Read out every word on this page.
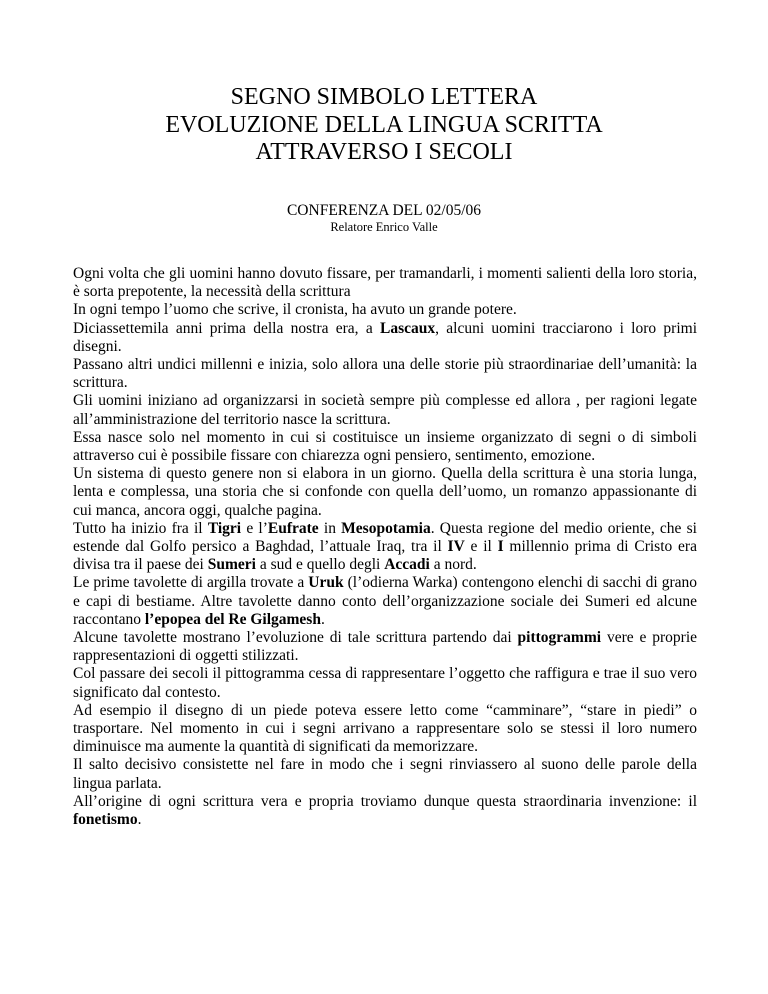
SEGNO SIMBOLO LETTERA
EVOLUZIONE DELLA LINGUA SCRITTA
ATTRAVERSO I SECOLI
CONFERENZA DEL 02/05/06
Relatore Enrico Valle

Ogni volta che gli uomini hanno dovuto fissare, per tramandarli, i momenti salienti della loro storia, è sorta prepotente, la necessità della scrittura

In ogni tempo l’uomo che scrive, il cronista, ha avuto un grande potere.

Diciassettemila anni prima della nostra era, a Lascaux, alcuni uomini tracciarono i loro primi disegni.

Passano altri undici millenni e inizia, solo allora una delle storie più straordinariae dell’umanità: la scrittura.

Gli uomini iniziano ad organizzarsi in società sempre più complesse ed allora , per ragioni legate all’amministrazione del territorio nasce la scrittura.

Essa nasce solo nel momento in cui si costituisce un insieme organizzato di segni o di simboli attraverso cui è possibile fissare con chiarezza ogni pensiero, sentimento, emozione.

Un sistema di questo genere non si elabora in un giorno. Quella della scrittura è una storia lunga, lenta e complessa, una storia che si confonde con quella dell’uomo, un romanzo appassionante di cui manca, ancora oggi, qualche pagina.

Tutto ha inizio fra il Tigri e l’Eufrate in Mesopotamia. Questa regione del medio oriente, che si estende dal Golfo persico a Baghdad, l’attuale Iraq, tra il IV e il I millennio prima di Cristo era divisa tra il paese dei Sumeri a sud e quello degli Accadi a nord.

Le prime tavolette di argilla trovate a Uruk (l’odierna Warka) contengono elenchi di sacchi di grano e capi di bestiame. Altre tavolette danno conto dell’organizzazione sociale dei Sumeri ed alcune raccontano l’epopea del Re Gilgamesh.

Alcune tavolette mostrano l’evoluzione di tale scrittura partendo dai pittogrammi vere e proprie rappresentazioni di oggetti stilizzati.

Col passare dei secoli il pittogramma cessa di rappresentare l’oggetto che raffigura e trae il suo vero significato dal contesto.

Ad esempio il disegno di un piede poteva essere letto come “camminare”, “stare in piedi” o trasportare. Nel momento in cui i segni arrivano a rappresentare solo se stessi il loro numero diminuisce ma aumente la quantità di significati da memorizzare.

Il salto decisivo consistette nel fare in modo che i segni rinviassero al suono delle parole della lingua parlata.

All’origine di ogni scrittura vera e propria troviamo dunque questa straordinaria invenzione: il fonetismo.
